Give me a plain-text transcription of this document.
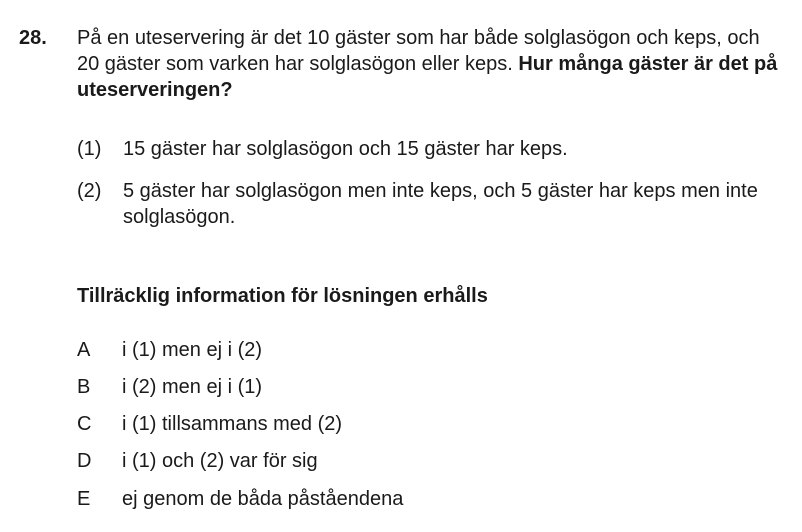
28. På en uteservering är det 10 gäster som har både solglasögon och keps, och 20 gäster som varken har solglasögon eller keps. Hur många gäster är det på uteserveringen?
(1) 15 gäster har solglasögon och 15 gäster har keps.
(2) 5 gäster har solglasögon men inte keps, och 5 gäster har keps men inte solglasögon.
Tillräcklig information för lösningen erhålls
A i (1) men ej i (2)
B i (2) men ej i (1)
C i (1) tillsammans med (2)
D i (1) och (2) var för sig
E ej genom de båda påståendena
